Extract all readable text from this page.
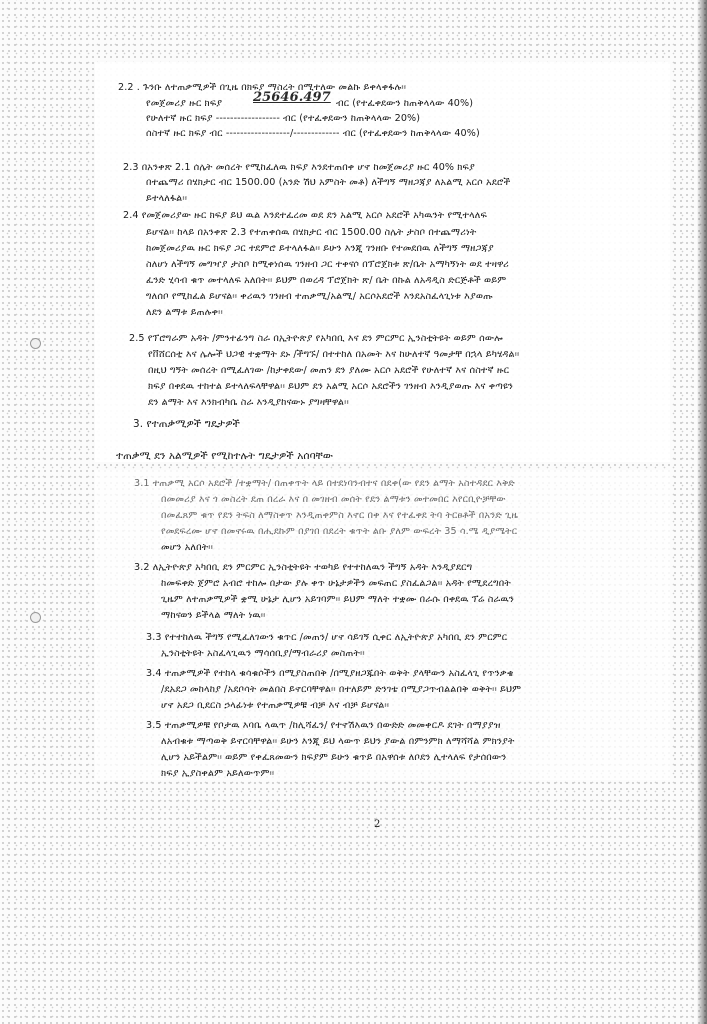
2.2 . ጉንቡ ለተጠቃሚዎች በጊዜ በክፍያ ማስረት በሚተለው መልኩ ይቀላቀፋሉ፡፡
የመጀመሪያ ዙር ክፍያ 25646.497 ብር (የተፈቀደውን ከጠቅላላው 40%)
የሁለተኛ ዙር ክፍያ ------------------ ብር (የተፈቀደውን ከጠቅላላው 20%)
ሰስተኛ ዙር ክፍያ ብር ------------------/------------- ብር (የተፈቀደውን ከጠቅላላው 40%)
2.3 በአንቀጽ 2.1 ሰሌት መሰረት የሚከፈለዉ ክፍያ እንደተጠበቀ ሆኖ ከመጀመሪያ ዙር 40% ክፍያ
በተጨማሪ በሄክታር ብር 1500.00 (አንድ ሽህ አምስት መቶ) ለችግኝ ማዘጋጃያ ለአልሚ አርሶ አደሮች
ይተላለፋል፡፡
2.4 የመጀመሪያው ዙር ክፍያ ይህ ዉል እንደተፈረመ ወደ ደን አልሚ አርሶ አደሮች አካዉንት የሚተላለፍ
ይሆናል፡፡ ከላይ በአንቀጽ 2.3 የተጠቀሰዉ በሄክታር ብር 1500.00 ስሌት ታስቦ በተጨማሪነት
ከመጀመሪያዉ ዙር ክፍያ ጋር ተደምሮ ይተላለፋል፡፡ ይሁን እንጂ ገንዘቡ የተመደበዉ ለችግኝ ማዘጋጃያ
ስለሆነ ለችግኝ መግዣያ ታስቦ ከሚቀነሰዉ ገንዘብ ጋር ተቀናሶ በፕሮጀክቱ ጽ/ቤት አማካኝነት ወደ ተዛዋሪ
ፈንድ ሂሳብ ቁጥ መተላለፍ አለበት፡፡ ይህም በወረዳ ፕሮጀክት ጽ/ ቤት በኩል ለአዳዲስ ድርጅቶች ወይም
ግለሰቦ የሚከፈል ይሆናል፡፡ ቀሪዉን ገንዘብ ተጠቃሚ/አልሚ/ አርሶአደሮች እንደአስፈላጊነቱ እያወጡ
ለደን ልማቱ ይጠሉቀ፡፡
2.5 የፕሮግራም አዳት /ምንተፊንግ ስራ በኢትዮጵያ የአካበቢ እና ደን ምርምር ኢንስቲትዩት ወይም ሰውሎ
የቨሸርሰቲ እና ሌሎች ህጋዊ ተቋማት ደኑ /ችግኙ/ በተተከለ በአመት እና ከሁለተኛ ዓመታቸ በኋላ ይካሄዳል፡፡
በዚህ ግኝት መሰረት በሚፈለገው /ከታቀደው/ መጠን ደን ያለሙ አርሶ አደሮች የሁለተኛ እና ሰስተኛ ዙር
ክፍያ በቀደዉ ተከተል ይተላለፍላቸዋል፡፡ ይህም ደን አልሚ አርሶ አደሮችን ገንዘብ እንዲያወጡ እና ቀጣዩን
ደን ልማት እና እንክብካቤ ስራ እንዲያከናውኑ ያግዛቸዋል፡፡
3. የተጠቃሚዎች ግዴታዎች
ተጠቃሚ ደን አልሚዎች የሚከተሉት ግዴታዎች አሰባቸው
3.1 ተጠቃሚ አርሶ አደሮች /ተቋማት/ በጠቀጥት ላይ በተደነባንብተና በደቀ(ው የደን ልማት አስተዳደር እቅድ
በመመሪያ እና ጎ መስረት ደጠ በረራ እና በ መገዘብ መሰት የደን ልማቱን መተመበር እየርቢዮቻቸው
በመፈጸም ቁጥ የደን ትፍስ ለማስቀጥ እንዲጠቀምስ እኖር በቀ እና የተፈቀደ ትባ ትርፀቶች በአንድ ጊዜ
የመደፍረሙ ሆኖ በመኖሩዉ በሒደኩም በያገበ በደረት ቁጥት ልቡ ያለም ውፍረት 35 ሳ.ሜ ዲያሜትር
መሆን አለበት፡፡
3.2 ለኢትዮጵያ አካበቢ ደን ምርምር ኢንስቲትዩት ተወካይ የተተከለዉን ችግኝ አዳት እንዲያደርግ
ከመፍቀድ ጀምሮ አብሮ ተከሎ በታው ያሉ ቀጥ ሁኔታዎችን መፍጠር ያስፈልጋል፡፡ አዳት የሚደረግበት
ጊዜም ለተጠቃሚዎች ቋሚ ሁኔታ ሊሆን አይገባም፡፡ ይህም ማለት ተቋሙ በራሱ በቀደዉ ፕሬ ስራዉን
ማከናወን ይችላል ማለት ነዉ፡፡
3.3 የተተከለዉ ችግኝ የሚፈለገውን ቁጥር /መጠን/ ሆኖ ሳይገኝ ሲቀር ለኢትዮጵያ አካበቢ ደን ምርምር
ኢንስቲትዩት አስፈላጊዉን ማሳሰቢያ/ማብራሪያ መስጠት፡፡
3.4 ተጠቃሚዎች የተከላ ቁሳቁሶችን በሚያስጠበቅ /በሚያዘጋጁበት ወቅት ያላቸውን አስፈላጊ የጥንቃቄ
/ደአደጋ መከላከያ /አደቦሳት መልበስ ይኖርባቸዋል፡፡ በተለይም ድንገቴ በሚያጋጥብልልበቅ ወቅት፡፡ ይህም
ሆኖ አደጋ ቢደርስ ኃላፊነቱ የተጠቃሚዎቹ ብቻ እና ብቻ ይሆናል፡፡
3.5 ተጠቃሚዎቹ የቦታዉ እባቤ ላዉጥ /ከሊሻፈን/ የተኖሽእዉን በውድድ መመቀርዶ ደገት በማያያዝ
ለአብቁቱ ማጣወቅ ይኖርባቸዋል፡፡ ይሁን እንጂ ይህ ላውጥ ይህን ያውል በምንምክ ለማሻሻል ምክንያት
ሊሆን አይችልም፡፡ ወይም የቀፈጸመውን ክፍያም ይሁን ቁጥይ በአዋሰቱ ለቦደን ሊተላለፍ የታሰበውን
ክፍያ ኢያስቀልም አይለውጥም፡፡
2
